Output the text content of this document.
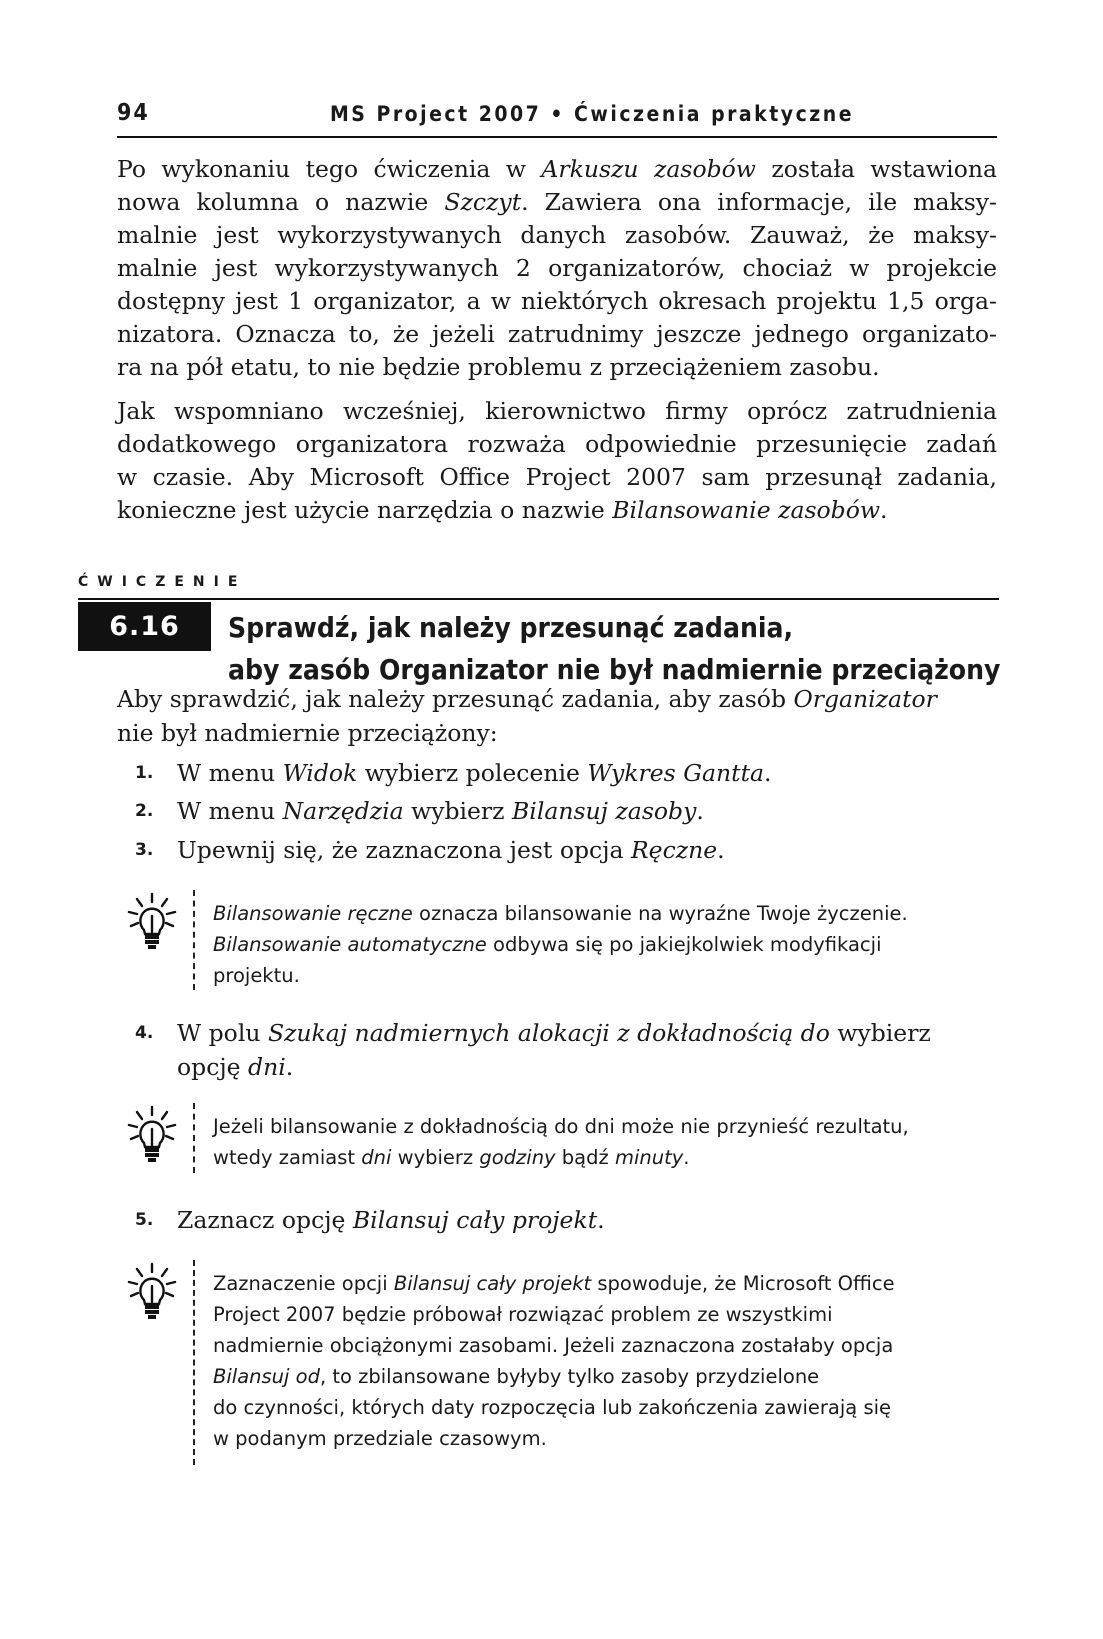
94	MS Project 2007 • Ćwiczenia praktyczne
Po wykonaniu tego ćwiczenia w Arkuszu zasobów została wstawiona
nowa kolumna o nazwie Szczyt. Zawiera ona informacje, ile maksy-
malnie jest wykorzystywanych danych zasobów. Zauważ, że maksy-
malnie jest wykorzystywanych 2 organizatorów, chociaż w projekcie
dostępny jest 1 organizator, a w niektórych okresach projektu 1,5 orga-
nizatora. Oznacza to, że jeżeli zatrudnimy jeszcze jednego organizato-
ra na pół etatu, to nie będzie problemu z przeciążeniem zasobu.
Jak wspomniano wcześniej, kierownictwo firmy oprócz zatrudnienia
dodatkowego organizatora rozważa odpowiednie przesunięcie zadań
w czasie. Aby Microsoft Office Project 2007 sam przesunął zadania,
konieczne jest użycie narzędzia o nazwie Bilansowanie zasobów.
ĆWICZENIE
6.16	Sprawdź, jak należy przesunąć zadania,
aby zasób Organizator nie był nadmiernie przeciążony
Aby sprawdzić, jak należy przesunąć zadania, aby zasób Organizator
nie był nadmiernie przeciążony:
1. W menu Widok wybierz polecenie Wykres Gantta.
2. W menu Narzędzia wybierz Bilansuj zasoby.
3. Upewnij się, że zaznaczona jest opcja Ręczne.
Bilansowanie ręczne oznacza bilansowanie na wyraźne Twoje życzenie.
Bilansowanie automatyczne odbywa się po jakiejkolwiek modyfikacji
projektu.
4. W polu Szukaj nadmiernych alokacji z dokładnością do wybierz
opcję dni.
Jeżeli bilansowanie z dokładnością do dni może nie przynieść rezultatu,
wtedy zamiast dni wybierz godziny bądź minuty.
5. Zaznacz opcję Bilansuj cały projekt.
Zaznaczenie opcji Bilansuj cały projekt spowoduje, że Microsoft Office
Project 2007 będzie próbował rozwiązać problem ze wszystkimi
nadmiernie obciążonymi zasobami. Jeżeli zaznaczona zostałaby opcja
Bilansuj od, to zbilansowane byłyby tylko zasoby przydzielone
do czynności, których daty rozpoczęcia lub zakończenia zawierają się
w podanym przedziale czasowym.
